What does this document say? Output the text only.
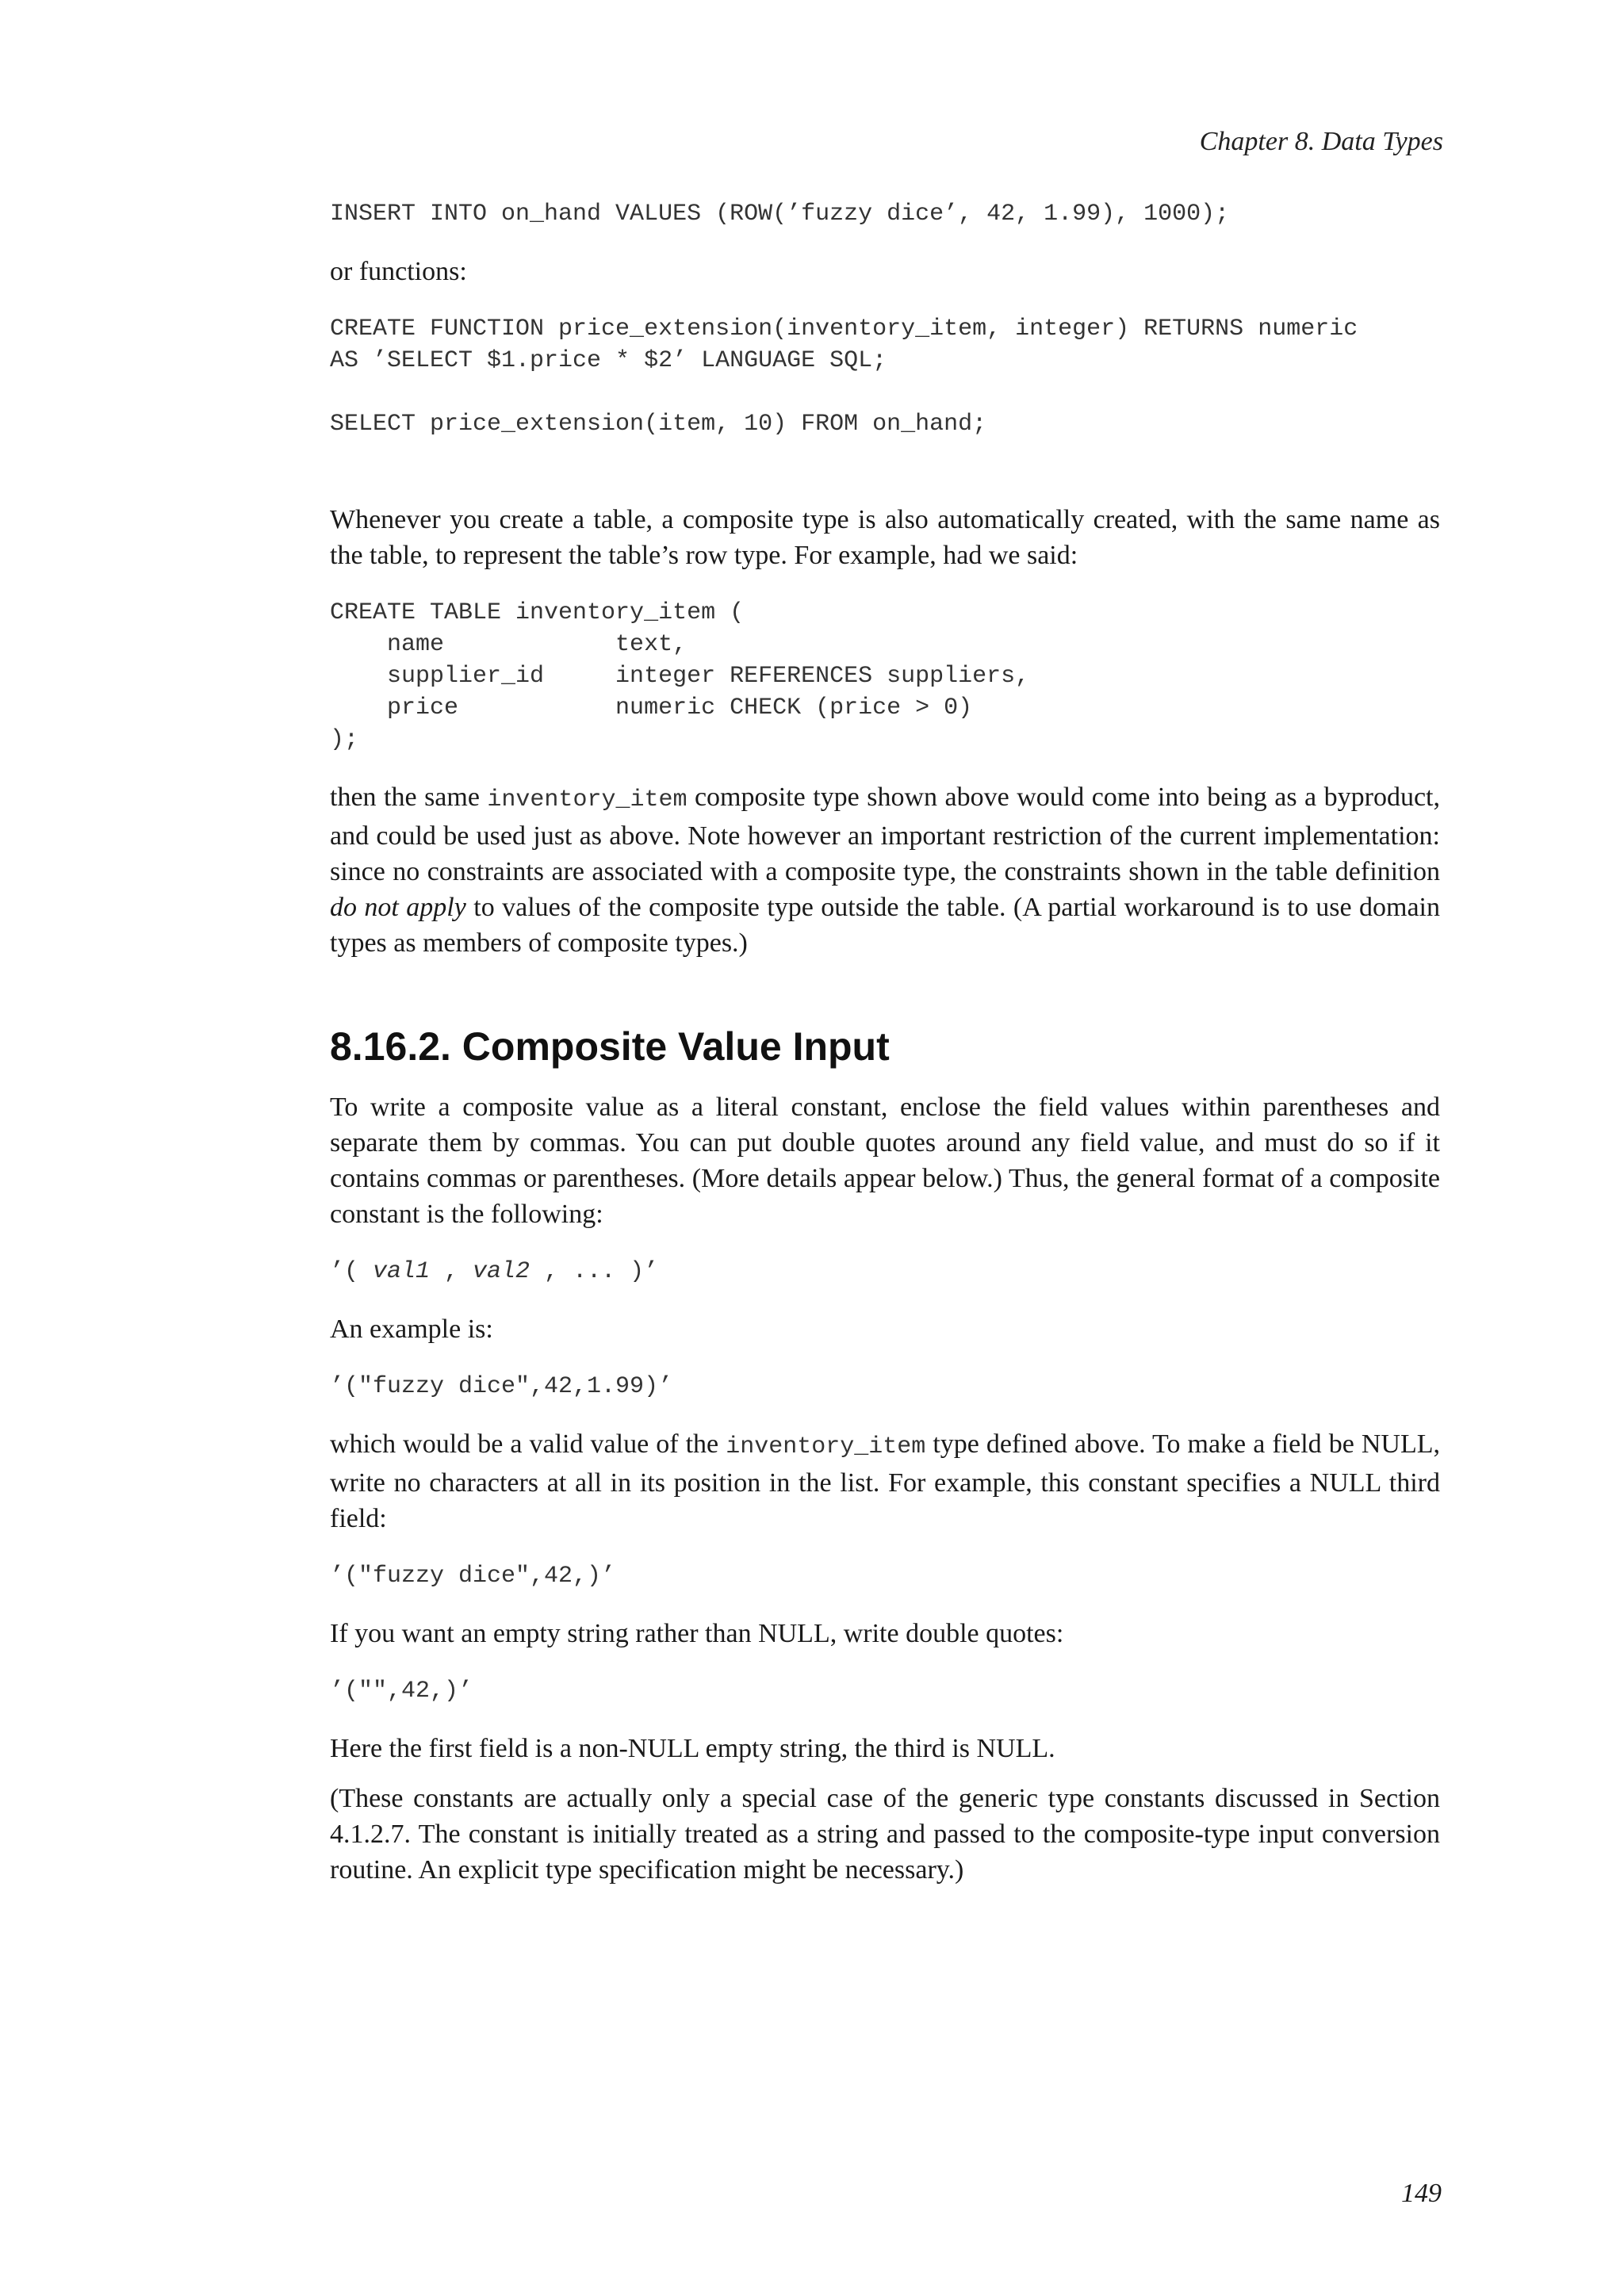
Chapter 8. Data Types
INSERT INTO on_hand VALUES (ROW(’fuzzy dice’, 42, 1.99), 1000);

or functions:

CREATE FUNCTION price_extension(inventory_item, integer) RETURNS numeric
AS ’SELECT $1.price * $2’ LANGUAGE SQL;

SELECT price_extension(item, 10) FROM on_hand;

Whenever you create a table, a composite type is also automatically created, with the same name as the table, to represent the table’s row type. For example, had we said:

CREATE TABLE inventory_item (
name            text,
supplier_id     integer REFERENCES suppliers,
price           numeric CHECK (price > 0)
);

then the same inventory_item composite type shown above would come into being as a byproduct, and could be used just as above. Note however an important restriction of the current implementation: since no constraints are associated with a composite type, the constraints shown in the table definition do not apply to values of the composite type outside the table. (A partial workaround is to use domain types as members of composite types.)

8.16.2. Composite Value Input

To write a composite value as a literal constant, enclose the field values within parentheses and separate them by commas. You can put double quotes around any field value, and must do so if it contains commas or parentheses. (More details appear below.) Thus, the general format of a composite constant is the following:

’( val1 , val2 , ... )’

An example is:

’("fuzzy dice",42,1.99)’

which would be a valid value of the inventory_item type defined above. To make a field be NULL, write no characters at all in its position in the list. For example, this constant specifies a NULL third field:

’("fuzzy dice",42,)’

If you want an empty string rather than NULL, write double quotes:

’("",42,)’

Here the first field is a non-NULL empty string, the third is NULL.

(These constants are actually only a special case of the generic type constants discussed in Section 4.1.2.7. The constant is initially treated as a string and passed to the composite-type input conversion routine. An explicit type specification might be necessary.)

149
